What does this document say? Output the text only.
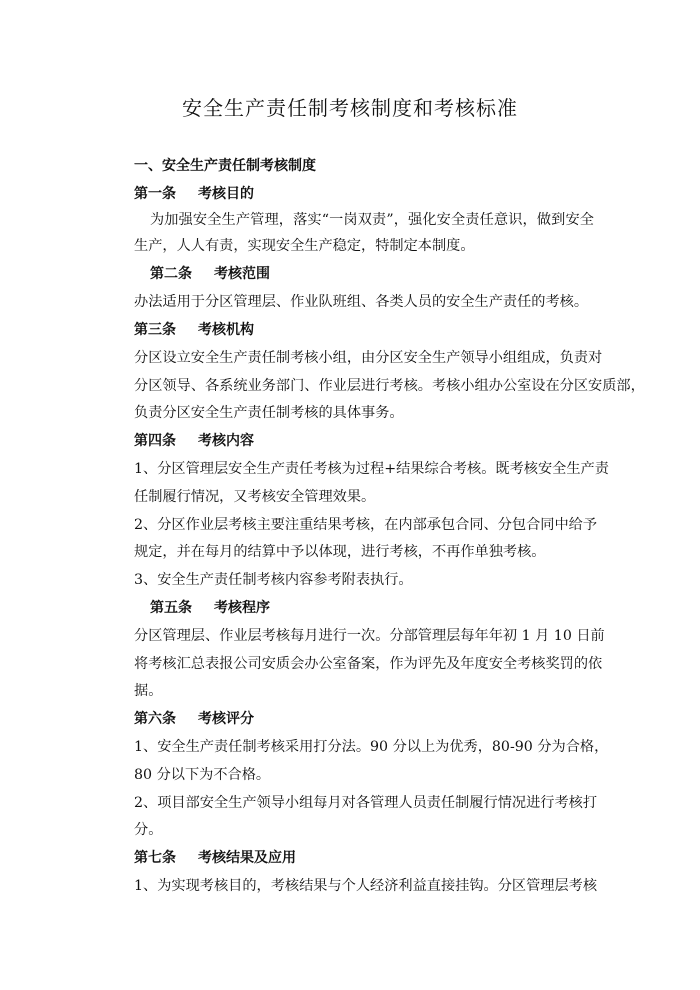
安全生产责任制考核制度和考核标准
一、安全生产责任制考核制度
第一条 考核目的
为加强安全生产管理，落实“一岗双责”，强化安全责任意识，做到安全
生产，人人有责，实现安全生产稳定，特制定本制度。
第二条 考核范围
办法适用于分区管理层、作业队班组、各类人员的安全生产责任的考核。
第三条 考核机构
分区设立安全生产责任制考核小组，由分区安全生产领导小组组成，负责对
分区领导、各系统业务部门、作业层进行考核。考核小组办公室设在分区安质部，
负责分区安全生产责任制考核的具体事务。
第四条 考核内容
1、分区管理层安全生产责任考核为过程+结果综合考核。既考核安全生产责
任制履行情况，又考核安全管理效果。
2、分区作业层考核主要注重结果考核，在内部承包合同、分包合同中给予
规定，并在每月的结算中予以体现，进行考核，不再作单独考核。
3、安全生产责任制考核内容参考附表执行。
第五条 考核程序
分区管理层、作业层考核每月进行一次。分部管理层每年年初 1 月 10 日前
将考核汇总表报公司安质会办公室备案，作为评先及年度安全考核奖罚的依
据。
第六条 考核评分
1、安全生产责任制考核采用打分法。90 分以上为优秀，80-90 分为合格，
80 分以下为不合格。
2、项目部安全生产领导小组每月对各管理人员责任制履行情况进行考核打
分。
第七条 考核结果及应用
1、为实现考核目的，考核结果与个人经济利益直接挂钩。分区管理层考核
